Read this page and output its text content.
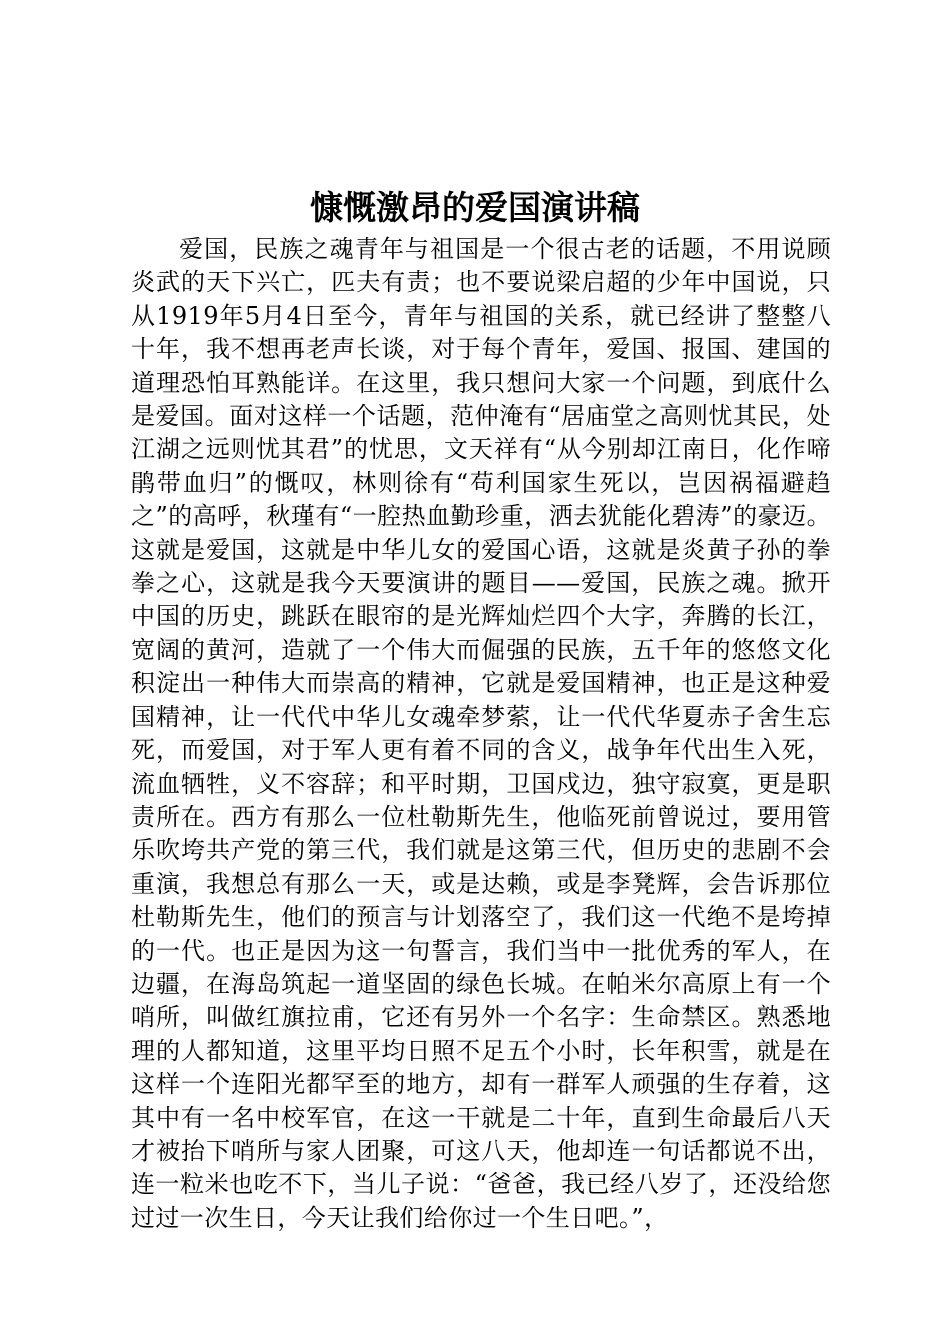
慷慨激昂的爱国演讲稿

爱国，民族之魂青年与祖国是一个很古老的话题，不用说顾炎武的天下兴亡，匹夫有责；也不要说梁启超的少年中国说，只从1919年5月4日至今，青年与祖国的关系，就已经讲了整整八十年，我不想再老声长谈，对于每个青年，爱国、报国、建国的道理恐怕耳熟能详。在这里，我只想问大家一个问题，到底什么是爱国。面对这样一个话题，范仲淹有“居庙堂之高则忧其民，处江湖之远则忧其君”的忧思，文天祥有“从今别却江南日，化作啼鹃带血归”的慨叹，林则徐有“苟利国家生死以，岂因祸福避趋之”的高呼，秋瑾有“一腔热血勤珍重，洒去犹能化碧涛”的豪迈。这就是爱国，这就是中华儿女的爱国心语，这就是炎黄子孙的拳拳之心，这就是我今天要演讲的题目——爱国，民族之魂。掀开中国的历史，跳跃在眼帘的是光辉灿烂四个大字，奔腾的长江，宽阔的黄河，造就了一个伟大而倔强的民族，五千年的悠悠文化积淀出一种伟大而崇高的精神，它就是爱国精神，也正是这种爱国精神，让一代代中华儿女魂牵梦萦，让一代代华夏赤子舍生忘死，而爱国，对于军人更有着不同的含义，战争年代出生入死，流血牺牲，义不容辞；和平时期，卫国戍边，独守寂寞，更是职责所在。西方有那么一位杜勒斯先生，他临死前曾说过，要用管乐吹垮共产党的第三代，我们就是这第三代，但历史的悲剧不会重演，我想总有那么一天，或是达赖，或是李凳辉，会告诉那位杜勒斯先生，他们的预言与计划落空了，我们这一代绝不是垮掉的一代。也正是因为这一句誓言，我们当中一批优秀的军人，在边疆，在海岛筑起一道坚固的绿色长城。在帕米尔高原上有一个哨所，叫做红旗拉甫，它还有另外一个名字：生命禁区。熟悉地理的人都知道，这里平均日照不足五个小时，长年积雪，就是在这样一个连阳光都罕至的地方，却有一群军人顽强的生存着，这其中有一名中校军官，在这一干就是二十年，直到生命最后八天才被抬下哨所与家人团聚，可这八天，他却连一句话都说不出，连一粒米也吃不下，当儿子说：“爸爸，我已经八岁了，还没给您过过一次生日，今天让我们给你过一个生日吧。”，
